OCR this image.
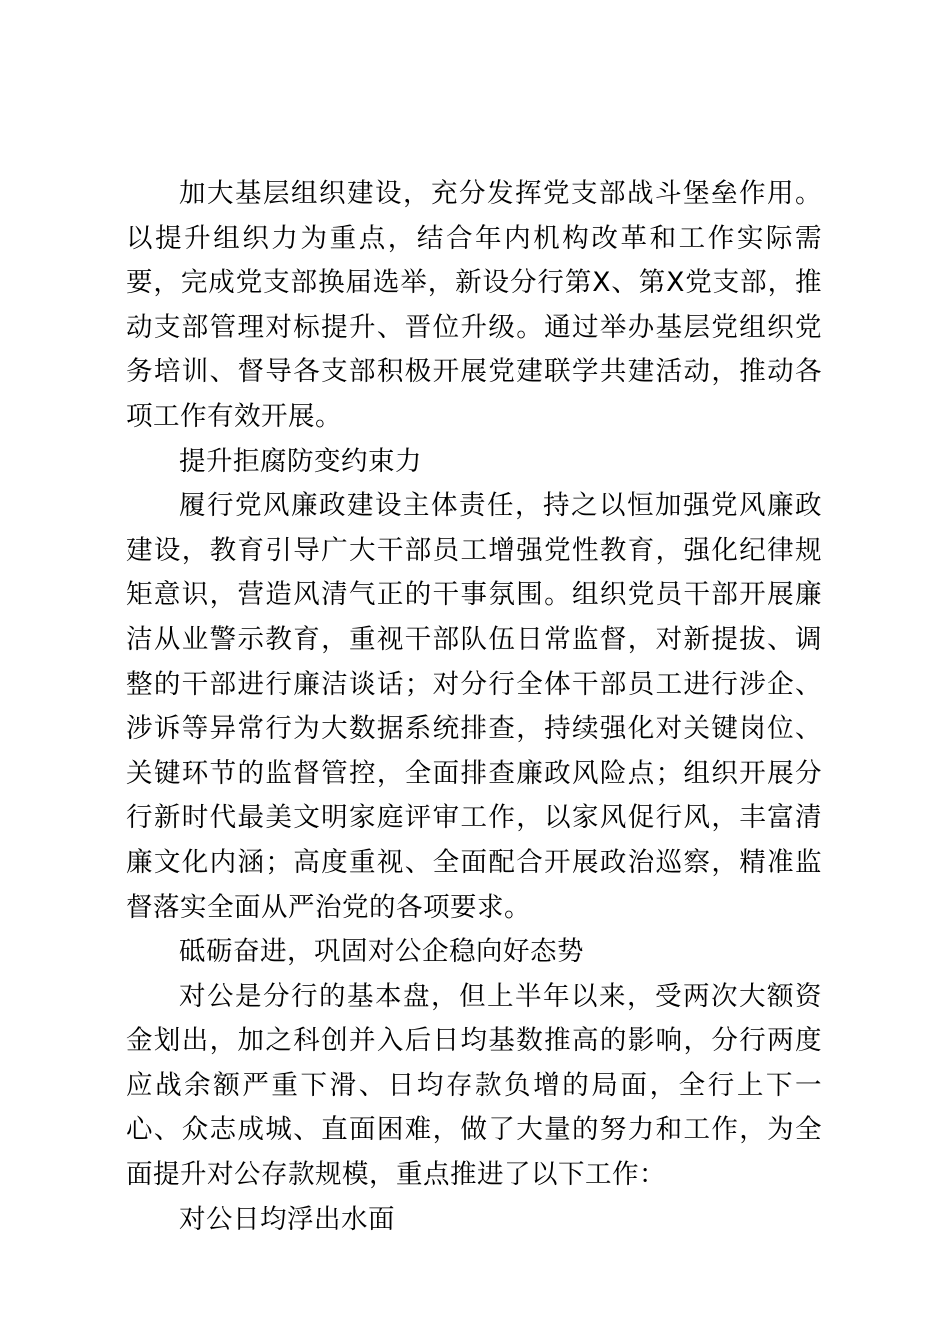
加大基层组织建设，充分发挥党支部战斗堡垒作用。以提升组织力为重点，结合年内机构改革和工作实际需要，完成党支部换届选举，新设分行第X、第X党支部，推动支部管理对标提升、晋位升级。通过举办基层党组织党务培训、督导各支部积极开展党建联学共建活动，推动各项工作有效开展。

提升拒腐防变约束力

履行党风廉政建设主体责任，持之以恒加强党风廉政建设，教育引导广大干部员工增强党性教育，强化纪律规矩意识，营造风清气正的干事氛围。组织党员干部开展廉洁从业警示教育，重视干部队伍日常监督，对新提拔、调整的干部进行廉洁谈话；对分行全体干部员工进行涉企、涉诉等异常行为大数据系统排查，持续强化对关键岗位、关键环节的监督管控，全面排查廉政风险点；组织开展分行新时代最美文明家庭评审工作，以家风促行风，丰富清廉文化内涵；高度重视、全面配合开展政治巡察，精准监督落实全面从严治党的各项要求。

砥砺奋进，巩固对公企稳向好态势

对公是分行的基本盘，但上半年以来，受两次大额资金划出，加之科创并入后日均基数推高的影响，分行两度应战余额严重下滑、日均存款负增的局面，全行上下一心、众志成城、直面困难，做了大量的努力和工作，为全面提升对公存款规模，重点推进了以下工作：

对公日均浮出水面
